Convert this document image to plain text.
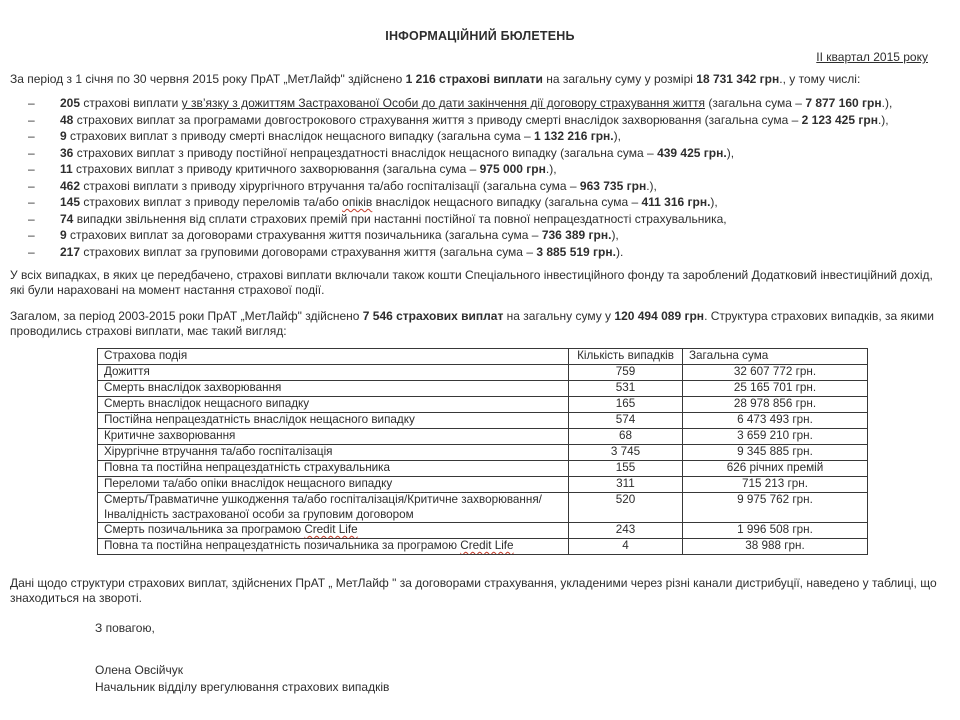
ІНФОРМАЦІЙНИЙ БЮЛЕТЕНЬ
ІІ квартал 2015 року
За період з 1 січня по 30 червня 2015 року ПрАТ „МетЛайф" здійснено 1 216 страхові виплати на загальну суму у розмірі 18 731 342 грн., у тому числі:
– 205 страхові виплати у зв’язку з дожиттям Застрахованої Особи до дати закінчення дії договору страхування життя (загальна сума – 7 877 160 грн.),
– 48 страхових виплат за програмами довгострокового страхування життя з приводу смерті внаслідок захворювання (загальна сума – 2 123 425 грн.),
– 9 страхових виплат з приводу смерті внаслідок нещасного випадку (загальна сума – 1 132 216 грн.),
– 36 страхових виплат з приводу постійної непрацездатності внаслідок нещасного випадку (загальна сума – 439 425 грн.),
– 11 страхових виплат з приводу критичного захворювання (загальна сума – 975 000 грн.),
– 462 страхові виплати з приводу хірургічного втручання та/або госпіталізації (загальна сума – 963 735 грн.),
– 145 страхових виплат з приводу переломів та/або опіків внаслідок нещасного випадку (загальна сума – 411 316 грн.),
– 74 випадки звільнення від сплати страхових премій при настанні постійної та повної непрацездатності страхувальника,
– 9 страхових виплат за договорами страхування життя позичальника (загальна сума – 736 389 грн.),
– 217 страхових виплат за груповими договорами страхування життя (загальна сума – 3 885 519 грн.).
У всіх випадках, в яких це передбачено, страхові виплати включали також кошти Спеціального інвестиційного фонду та зароблений Додатковий інвестиційний дохід, які були нараховані на момент настання страхової події.
Загалом, за період 2003-2015 роки ПрАТ „МетЛайф" здійснено 7 546 страхових виплат на загальну суму у 120 494 089 грн. Структура страхових випадків, за якими проводились страхові виплати, має такий вигляд:
Страхова подія	Кількість випадків	Загальна сума
Дожиття	759	32 607 772 грн.
Смерть внаслідок захворювання	531	25 165 701 грн.
Смерть внаслідок нещасного випадку	165	28 978 856 грн.
Постійна непрацездатність внаслідок нещасного випадку	574	6 473 493 грн.
Критичне захворювання	68	3 659 210 грн.
Хірургічне втручання та/або госпіталізація	3 745	9 345 885 грн.
Повна та постійна непрацездатність страхувальника	155	626 річних премій
Переломи та/або опіки внаслідок нещасного випадку	311	715 213 грн.
Смерть/Травматичне ушкодження та/або госпіталізація/Критичне захворювання/ Інвалідність застрахованої особи за груповим договором	520	9 975 762 грн.
Смерть позичальника за програмою Credit Life	243	1 996 508 грн.
Повна та постійна непрацездатність позичальника за програмою Credit Life	4	38 988 грн.
Дані щодо структури страхових виплат, здійснених ПрАТ „ МетЛайф " за договорами страхування, укладеними через різні канали дистрибуції, наведено у таблиці, що знаходиться на звороті.
З повагою,
Олена Овсійчук
Начальник відділу врегулювання страхових випадків
